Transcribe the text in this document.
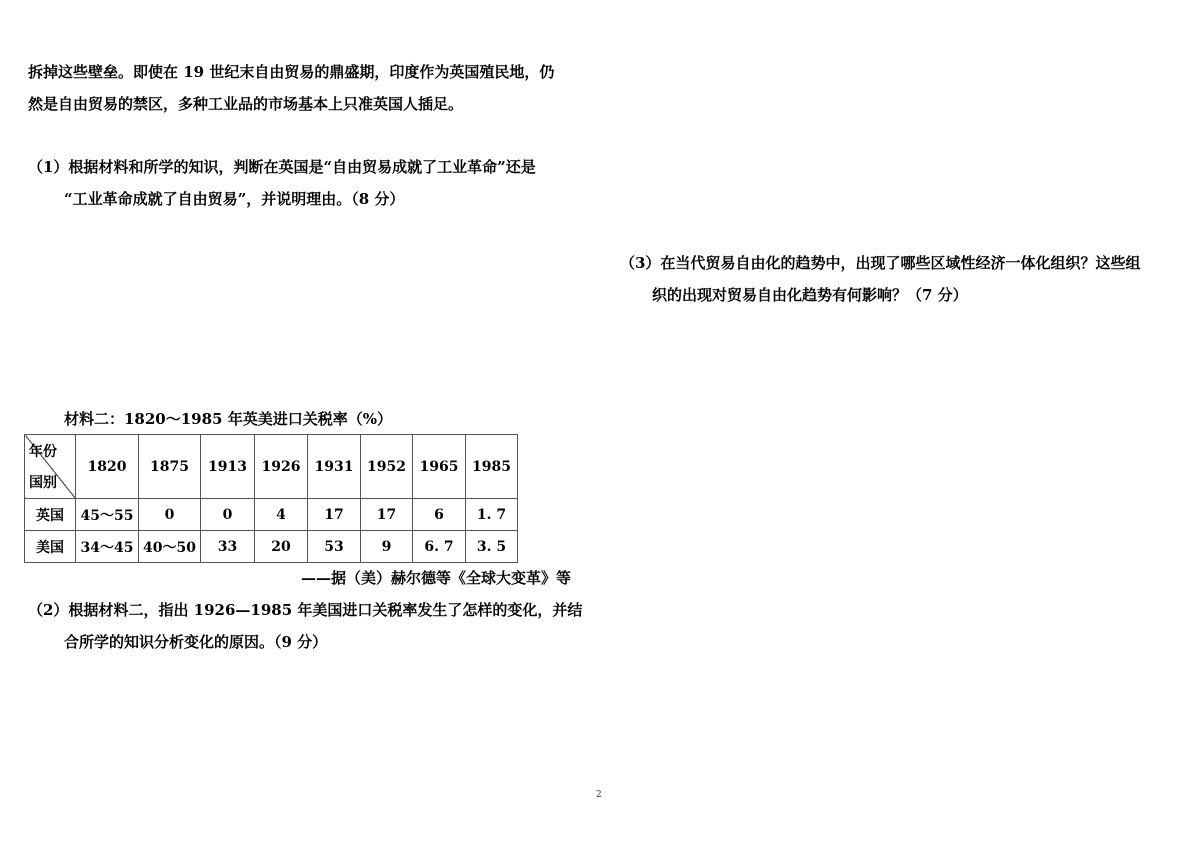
拆掉这些壁垒。即使在 19 世纪末自由贸易的鼎盛期，印度作为英国殖民地，仍
然是自由贸易的禁区，多种工业品的市场基本上只准英国人插足。
（1）根据材料和所学的知识，判断在英国是“自由贸易成就了工业革命”还是
“工业革命成就了自由贸易”，并说明理由。（8 分）
（3）在当代贸易自由化的趋势中，出现了哪些区域性经济一体化组织？这些组
织的出现对贸易自由化趋势有何影响？（7 分）
材料二：1820～1985 年英美进口关税率（%）
年份
国别	1820	1875	1913	1926	1931	1952	1965	1985
英国	45～55	0	0	4	17	17	6	1. 7
美国	34～45	40～50	33	20	53	9	6. 7	3. 5
——据（美）赫尔德等《全球大变革》等
（2）根据材料二，指出 1926—1985 年美国进口关税率发生了怎样的变化，并结
合所学的知识分析变化的原因。（9 分）
2
